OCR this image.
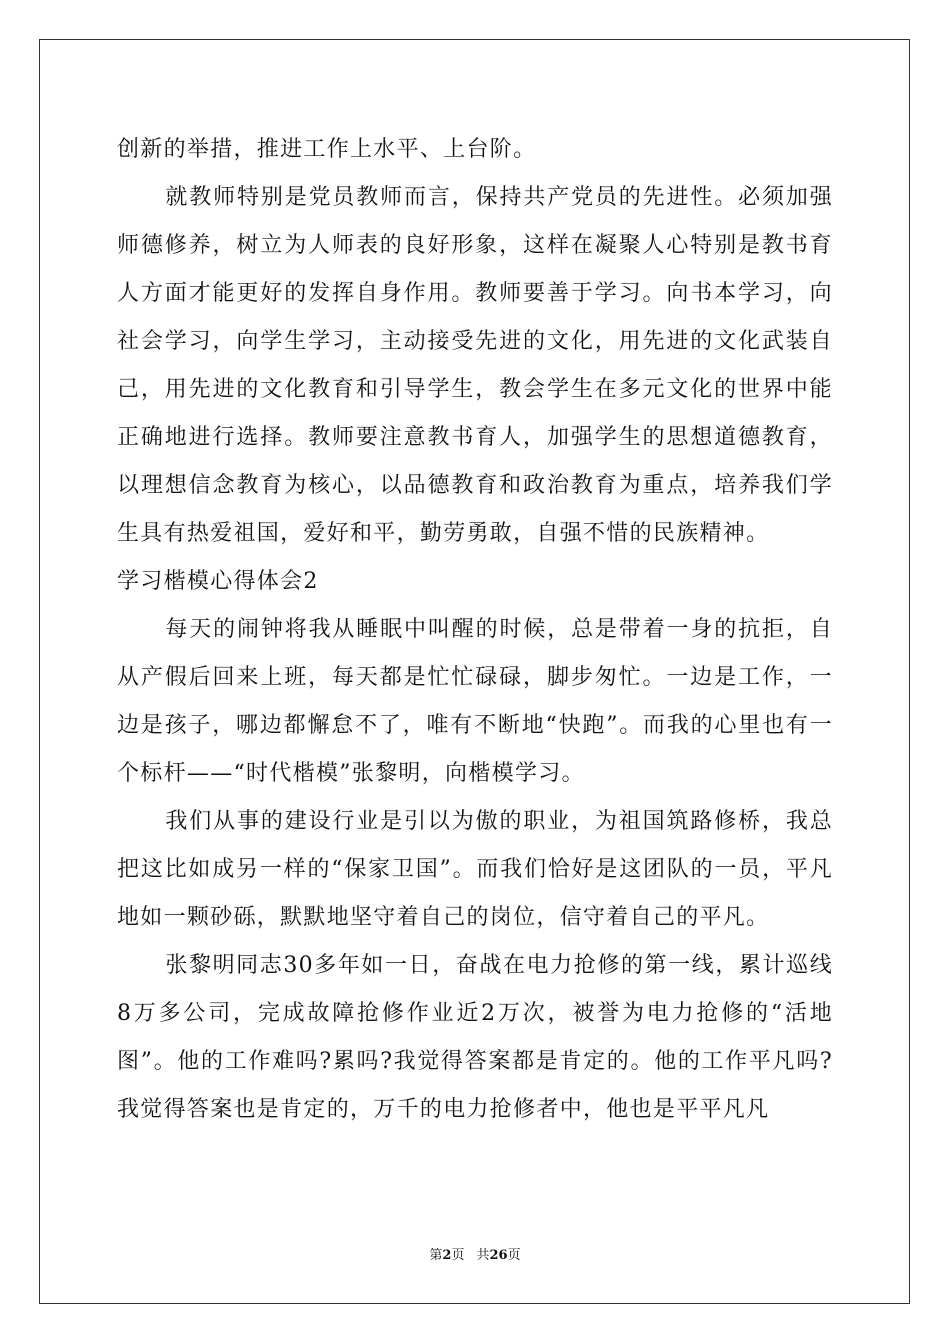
创新的举措，推进工作上水平、上台阶。

就教师特别是党员教师而言，保持共产党员的先进性。必须加强师德修养，树立为人师表的良好形象，这样在凝聚人心特别是教书育人方面才能更好的发挥自身作用。教师要善于学习。向书本学习，向社会学习，向学生学习，主动接受先进的文化，用先进的文化武装自己，用先进的文化教育和引导学生，教会学生在多元文化的世界中能正确地进行选择。教师要注意教书育人，加强学生的思想道德教育，以理想信念教育为核心，以品德教育和政治教育为重点，培养我们学生具有热爱祖国，爱好和平，勤劳勇敢，自强不惜的民族精神。

学习楷模心得体会2

每天的闹钟将我从睡眠中叫醒的时候，总是带着一身的抗拒，自从产假后回来上班，每天都是忙忙碌碌，脚步匆忙。一边是工作，一边是孩子，哪边都懈怠不了，唯有不断地“快跑”。而我的心里也有一个标杆——“时代楷模”张黎明，向楷模学习。

我们从事的建设行业是引以为傲的职业，为祖国筑路修桥，我总把这比如成另一样的“保家卫国”。而我们恰好是这团队的一员，平凡地如一颗砂砾，默默地坚守着自己的岗位，信守着自己的平凡。

张黎明同志30多年如一日，奋战在电力抢修的第一线，累计巡线8万多公司，完成故障抢修作业近2万次，被誉为电力抢修的“活地图”。他的工作难吗?累吗?我觉得答案都是肯定的。他的工作平凡吗?我觉得答案也是肯定的，万千的电力抢修者中，他也是平平凡凡

第2页 共26页
